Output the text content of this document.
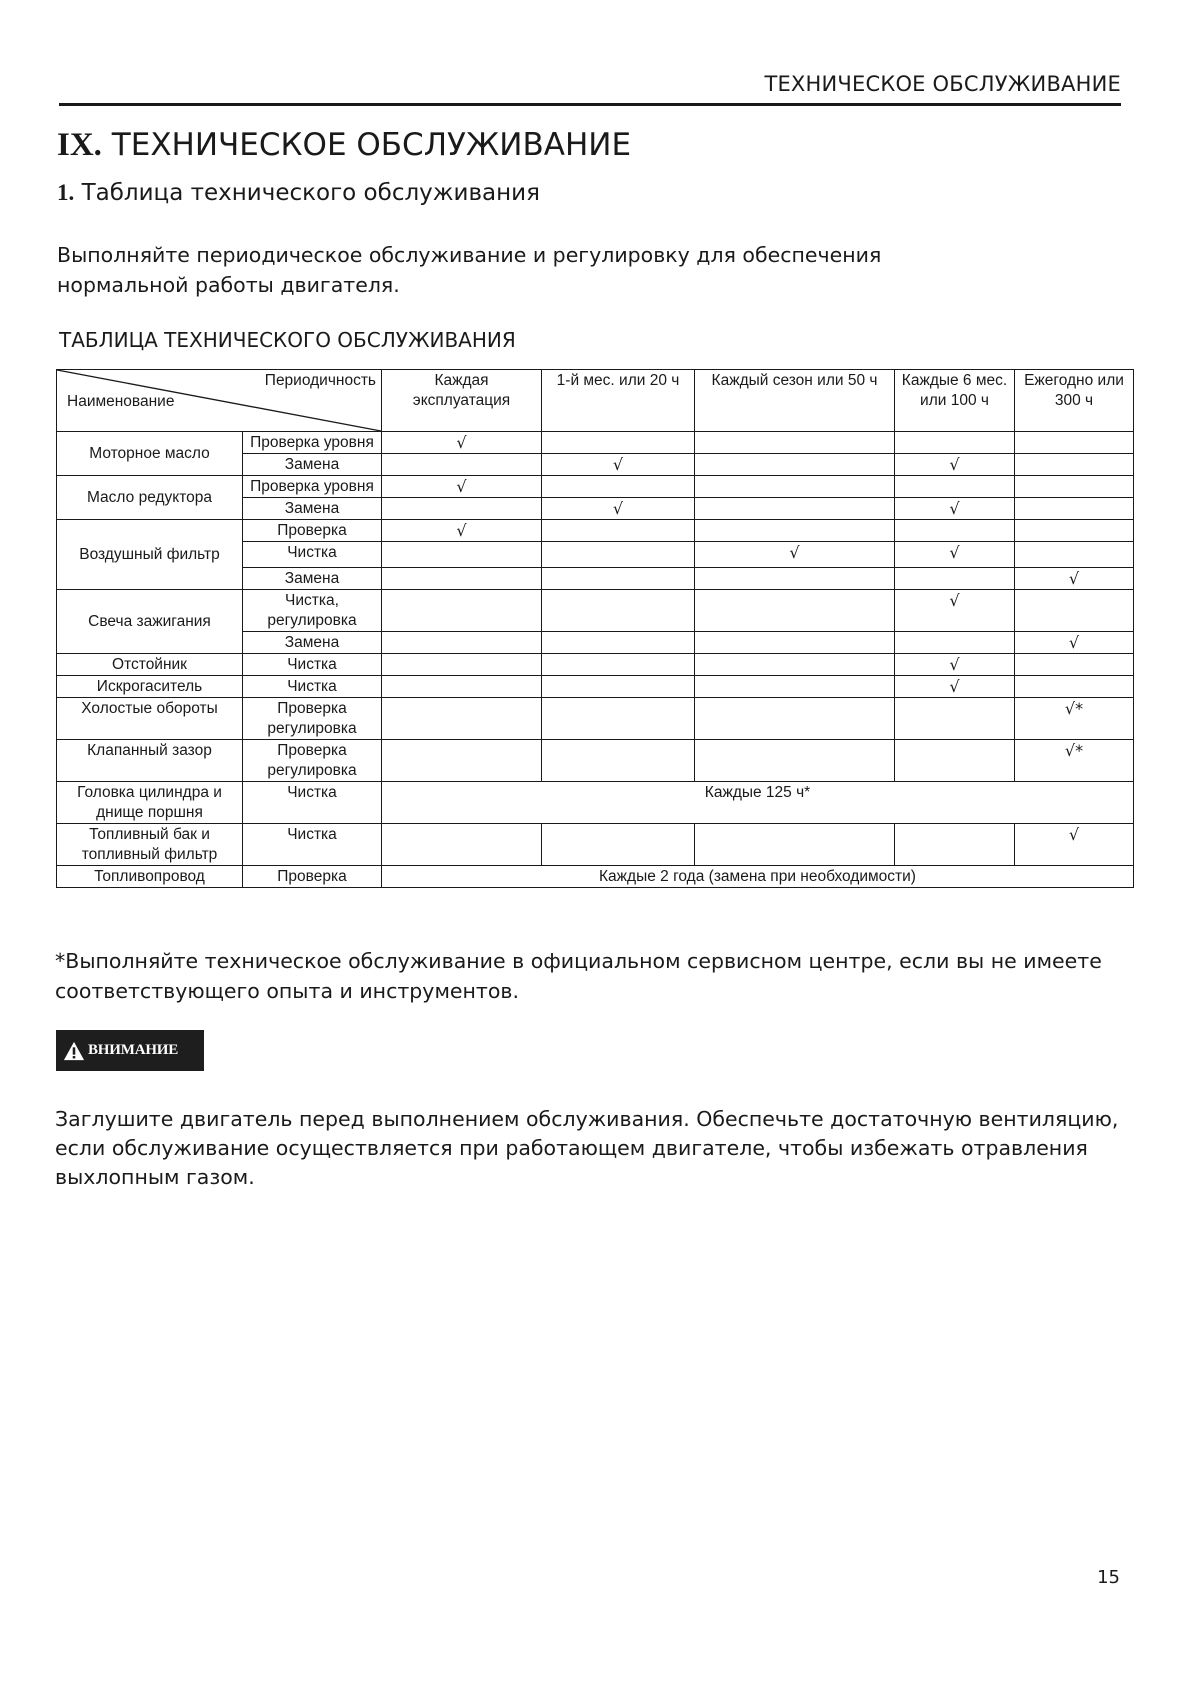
ТЕХНИЧЕСКОЕ ОБСЛУЖИВАНИЕ
IX. ТЕХНИЧЕСКОЕ ОБСЛУЖИВАНИЕ
1. Таблица технического обслуживания

Выполняйте периодическое обслуживание и регулировку для обеспечения
нормальной работы двигателя.

ТАБЛИЦА ТЕХНИЧЕСКОГО ОБСЛУЖИВАНИЯ
Периодичность
Наименование		Каждая эксплуатация	1-й мес. или 20 ч	Каждый сезон или 50 ч	Каждые 6 мес. или 100 ч	Ежегодно или 300 ч
Моторное масло	Проверка уровня	√				
	Замена		√		√	
Масло редуктора	Проверка уровня	√				
	Замена		√		√	
Воздушный фильтр	Проверка	√				
	Чистка			√	√	
	Замена					√
Свеча зажигания	Чистка, регулировка				√	
	Замена					√
Отстойник	Чистка				√	
Искрогаситель	Чистка				√	
Холостые обороты	Проверка регулировка					√*
Клапанный зазор	Проверка регулировка					√*
Головка цилиндра и днище поршня	Чистка	Каждые 125 ч*				
Топливный бак и топливный фильтр	Чистка					√
Топливопровод	Проверка	Каждые 2 года (замена при необходимости)				

*Выполняйте техническое обслуживание в официальном сервисном центре, если вы не имеете соответствующего опыта и инструментов.

ВНИМАНИЕ

Заглушите двигатель перед выполнением обслуживания. Обеспечьте достаточную вентиляцию, если обслуживание осуществляется при работающем двигателе, чтобы избежать отравления выхлопным газом.

15
